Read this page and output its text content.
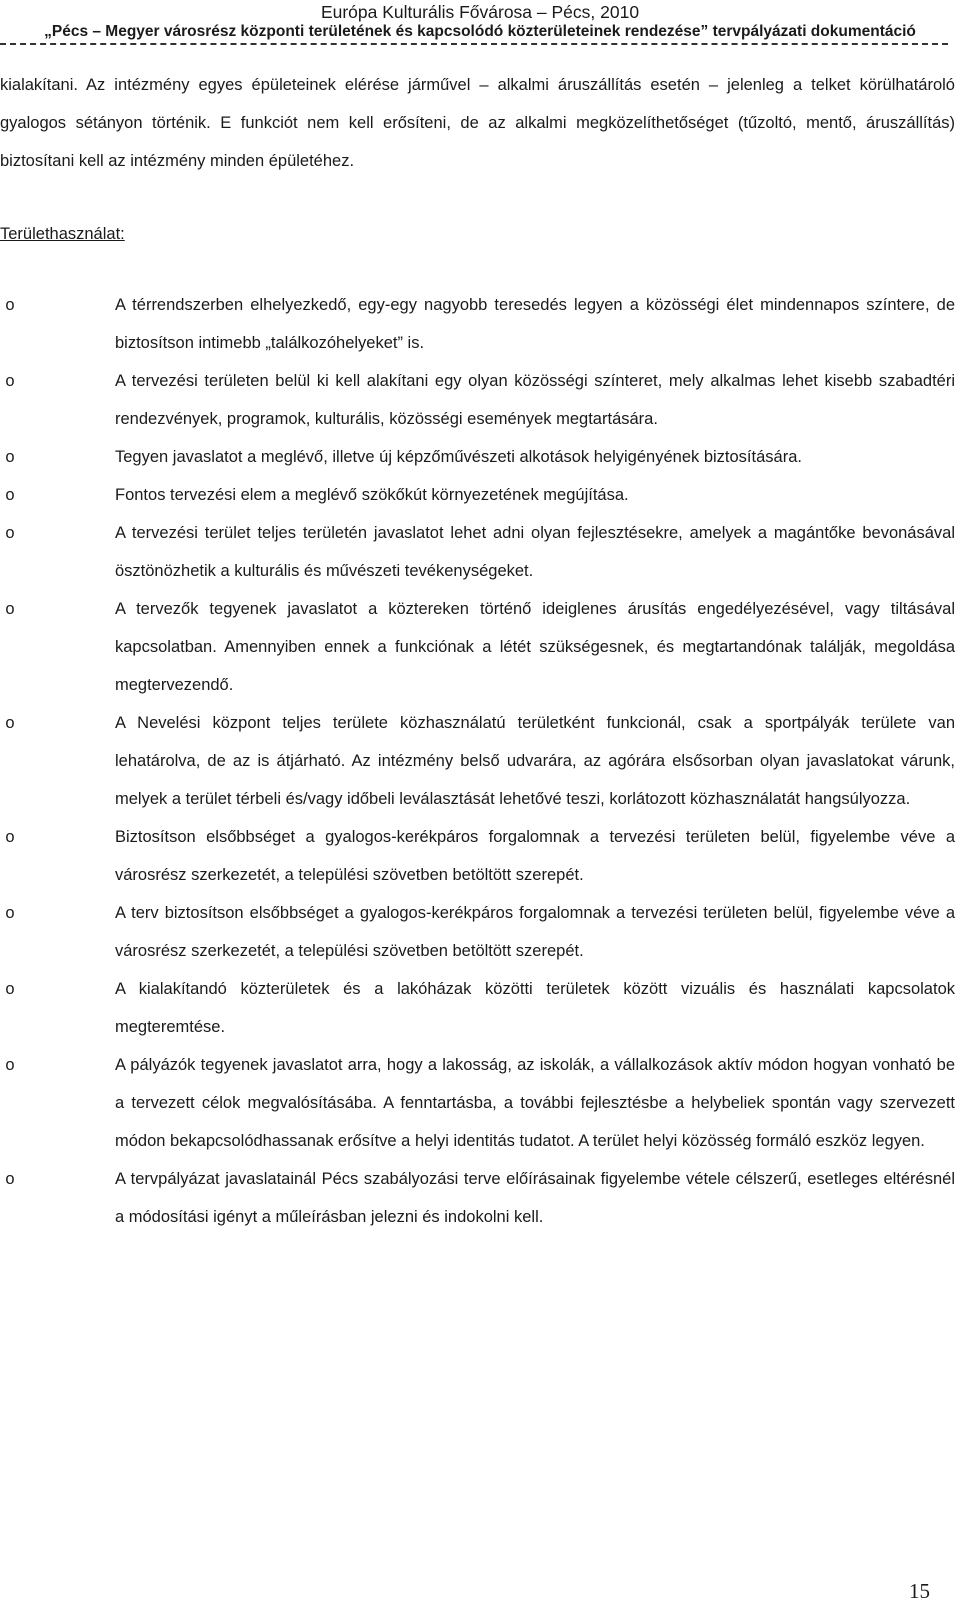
Európa Kulturális Fővárosa – Pécs, 2010
„Pécs – Megyer városrész központi területének és kapcsolódó közterületeinek rendezése” tervpályázati dokumentáció

kialakítani. Az intézmény egyes épületeinek elérése járművel – alkalmi áruszállítás esetén – jelenleg a telket körülhatároló gyalogos sétányon történik. E funkciót nem kell erősíteni, de az alkalmi megközelíthetőséget (tűzoltó, mentő, áruszállítás) biztosítani kell az intézmény minden épületéhez.

Területhasználat:
o	A térrendszerben elhelyezkedő, egy-egy nagyobb teresedés legyen a közösségi élet mindennapos színtere, de biztosítson intimebb „találkozóhelyeket” is.
o	A tervezési területen belül ki kell alakítani egy olyan közösségi színteret, mely alkalmas lehet kisebb szabadtéri rendezvények, programok, kulturális, közösségi események megtartására.
o	Tegyen javaslatot a meglévő, illetve új képzőművészeti alkotások helyigényének biztosítására.
o	Fontos tervezési elem a meglévő szökőkút környezetének megújítása.
o	A tervezési terület teljes területén javaslatot lehet adni olyan fejlesztésekre, amelyek a magántőke bevonásával ösztönözhetik a kulturális és művészeti tevékenységeket.
o	A tervezők tegyenek javaslatot a köztereken történő ideiglenes árusítás engedélyezésével, vagy tiltásával kapcsolatban. Amennyiben ennek a funkciónak a létét szükségesnek, és megtartandónak találják, megoldása megtervezendő.
o	A Nevelési központ teljes területe közhasználatú területként funkcionál, csak a sportpályák területe van lehatárolva, de az is átjárható. Az intézmény belső udvarára, az agórára elsősorban olyan javaslatokat várunk, melyek a terület térbeli és/vagy időbeli leválasztását lehetővé teszi, korlátozott közhasználatát hangsúlyozza.
o	Biztosítson elsőbbséget a gyalogos-kerékpáros forgalomnak a tervezési területen belül, figyelembe véve a városrész szerkezetét, a települési szövetben betöltött szerepét.
o	A terv biztosítson elsőbbséget a gyalogos-kerékpáros forgalomnak a tervezési területen belül, figyelembe véve a városrész szerkezetét, a települési szövetben betöltött szerepét.
o	A kialakítandó közterületek és a lakóházak közötti területek között vizuális és használati kapcsolatok megteremtése.
o	A pályázók tegyenek javaslatot arra, hogy a lakosság, az iskolák, a vállalkozások aktív módon hogyan vonható be a tervezett célok megvalósításába. A fenntartásba, a további fejlesztésbe a helybeliek spontán vagy szervezett módon bekapcsolódhassanak erősítve a helyi identitás tudatot. A terület helyi közösség formáló eszköz legyen.
o	A tervpályázat javaslatainál Pécs szabályozási terve előírásainak figyelembe vétele célszerű, esetleges eltérésnél a módosítási igényt a műleírásban jelezni és indokolni kell.
15
